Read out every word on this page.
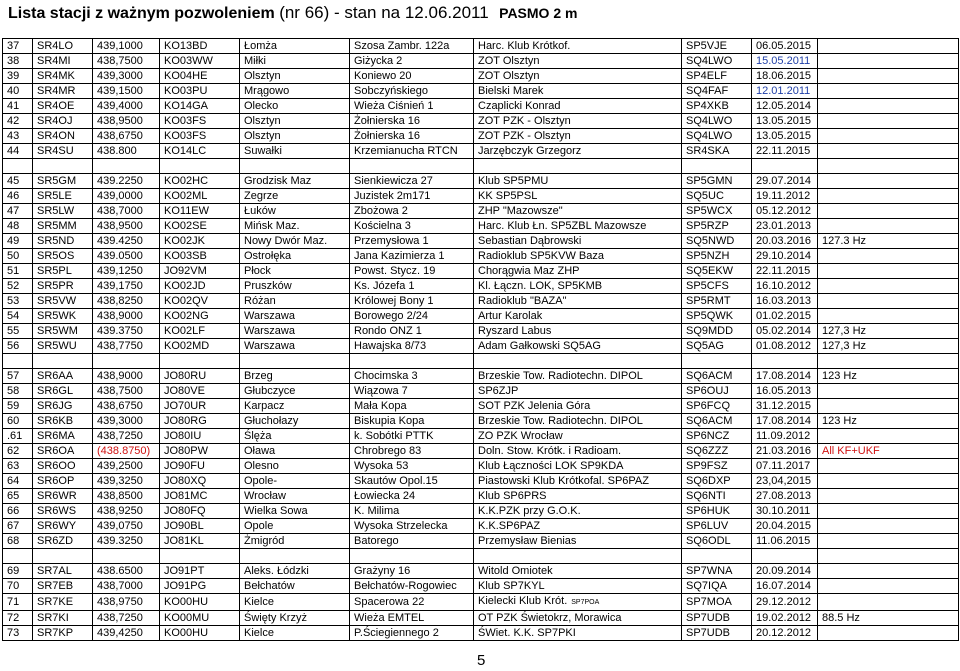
Lista stacji z ważnym pozwoleniem (nr 66) - stan na 12.06.2011 PASMO 2 m
37	SR4LO	439,1000	KO13BD	Łomża	Szosa Zambr. 122a	Harc. Klub Krótkof.	SP5VJE	06.05.2015	
38	SR4MI	438,7500	KO03WW	Miłki	Giżycka 2	ZOT Olsztyn	SQ4LWO	15.05.2011	
39	SR4MK	439,3000	KO04HE	Olsztyn	Koniewo 20	ZOT Olsztyn	SP4ELF	18.06.2015	
40	SR4MR	439,1500	KO03PU	Mrągowo	Sobczyńskiego	Bielski Marek	SQ4FAF	12.01.2011	
41	SR4OE	439,4000	KO14GA	Olecko	Wieża Ciśnień 1	Czaplicki Konrad	SP4XKB	12.05.2014	
42	SR4OJ	438,9500	KO03FS	Olsztyn	Żołnierska 16	ZOT PZK - Olsztyn	SQ4LWO	13.05.2015	
43	SR4ON	438,6750	KO03FS	Olsztyn	Żołnierska 16	ZOT PZK - Olsztyn	SQ4LWO	13.05.2015	
44	SR4SU	438.800	KO14LC	Suwałki	Krzemianucha RTCN	Jarzębczyk Grzegorz	SR4SKA	22.11.2015	

45	SR5GM	439.2250	KO02HC	Grodzisk Maz	Sienkiewicza 27	Klub SP5PMU	SP5GMN	29.07.2014	
46	SR5LE	439,0000	KO02ML	Zegrze	Juzistek 2m171	KK SP5PSL	SQ5UC	19.11.2012	
47	SR5LW	438,7000	KO11EW	Łuków	Zbożowa 2	ZHP "Mazowsze"	SP5WCX	05.12.2012	
48	SR5MM	438,9500	KO02SE	Mińsk Maz.	Kościelna 3	Harc. Klub Łn. SP5ZBL Mazowsze	SP5RZP	23.01.2013	
49	SR5ND	439.4250	KO02JK	Nowy Dwór Maz.	Przemysłowa 1	Sebastian Dąbrowski	SQ5NWD	20.03.2016	127.3 Hz
50	SR5OS	439.0500	KO03SB	Ostrołęka	Jana Kazimierza 1	Radioklub SP5KVW Baza	SP5NZH	29.10.2014	
51	SR5PL	439,1250	JO92VM	Płock	Powst. Stycz. 19	Chorągwia Maz ZHP	SQ5EKW	22.11.2015	
52	SR5PR	439,1750	KO02JD	Pruszków	Ks. Józefa 1	Kl. Łączn. LOK, SP5KMB	SP5CFS	16.10.2012	
53	SR5VW	438,8250	KO02QV	Różan	Królowej Bony 1	Radioklub "BAZA"	SP5RMT	16.03.2013	
54	SR5WK	438,9000	KO02NG	Warszawa	Borowego 2/24	Artur Karolak	SP5QWK	01.02.2015	
55	SR5WM	439.3750	KO02LF	Warszawa	Rondo ONZ 1	Ryszard Labus	SQ9MDD	05.02.2014	127,3 Hz
56	SR5WU	438,7750	KO02MD	Warszawa	Hawajska 8/73	Adam Gałkowski SQ5AG	SQ5AG	01.08.2012	127,3 Hz

57	SR6AA	438,9000	JO80RU	Brzeg	Chocimska 3	Brzeskie Tow. Radiotechn. DIPOL	SQ6ACM	17.08.2014	123 Hz
58	SR6GL	438,7500	JO80VE	Głubczyce	Wiązowa 7	SP6ZJP	SP6OUJ	16.05.2013	
59	SR6JG	438,6750	JO70UR	Karpacz	Mała Kopa	SOT PZK Jelenia Góra	SP6FCQ	31.12.2015	
60	SR6KB	439,3000	JO80RG	Głuchołazy	Biskupia Kopa	Brzeskie Tow. Radiotechn. DIPOL	SQ6ACM	17.08.2014	123 Hz
.61	SR6MA	438,7250	JO80IU	Ślęża	k. Sobótki PTTK	ZO PZK Wrocław	SP6NCZ	11.09.2012	
62	SR6OA	(438.8750)	JO80PW	Oława	Chrobrego 83	Doln. Stow. Krótk. i Radioam.	SQ6ZZZ	21.03.2016	All KF+UKF
63	SR6OO	439,2500	JO90FU	Olesno	Wysoka 53	Klub Łączności LOK SP9KDA	SP9FSZ	07.11.2017	
64	SR6OP	439,3250	JO80XQ	Opole-	Skautów Opol.15	Piastowski Klub Krótkofal. SP6PAZ	SQ6DXP	23,04,2015	
65	SR6WR	438,8500	JO81MC	Wrocław	Łowiecka 24	Klub SP6PRS	SQ6NTI	27.08.2013	
66	SR6WS	438,9250	JO80FQ	Wielka Sowa	K. Milima	K.K.PZK przy G.O.K.	SP6HUK	30.10.2011	
67	SR6WY	439,0750	JO90BL	Opole	Wysoka Strzelecka	K.K.SP6PAZ	SP6LUV	20.04.2015	
68	SR6ZD	439.3250	JO81KL	Żmigród	Batorego	Przemysław Bienias	SQ6ODL	11.06.2015	

69	SR7AL	438.6500	JO91PT	Aleks. Łódzki	Grażyny 16	Witold Omiotek	SP7WNA	20.09.2014	
70	SR7EB	438,7000	JO91PG	Bełchatów	Bełchatów-Rogowiec	Klub SP7KYL	SQ7IQA	16.07.2014	
71	SR7KE	438,9750	KO00HU	Kielce	Spacerowa 22	Kielecki Klub Krót. SP7POA	SP7MOA	29.12.2012	
72	SR7KI	438,7250	KO00MU	Święty Krzyż	Wieża EMTEL	OT PZK Świetokrz, Morawica	SP7UDB	19.02.2012	88.5 Hz
73	SR7KP	439,4250	KO00HU	Kielce	P.Ściegiennego 2	ŚWiet. K.K. SP7PKI	SP7UDB	20.12.2012	
5
